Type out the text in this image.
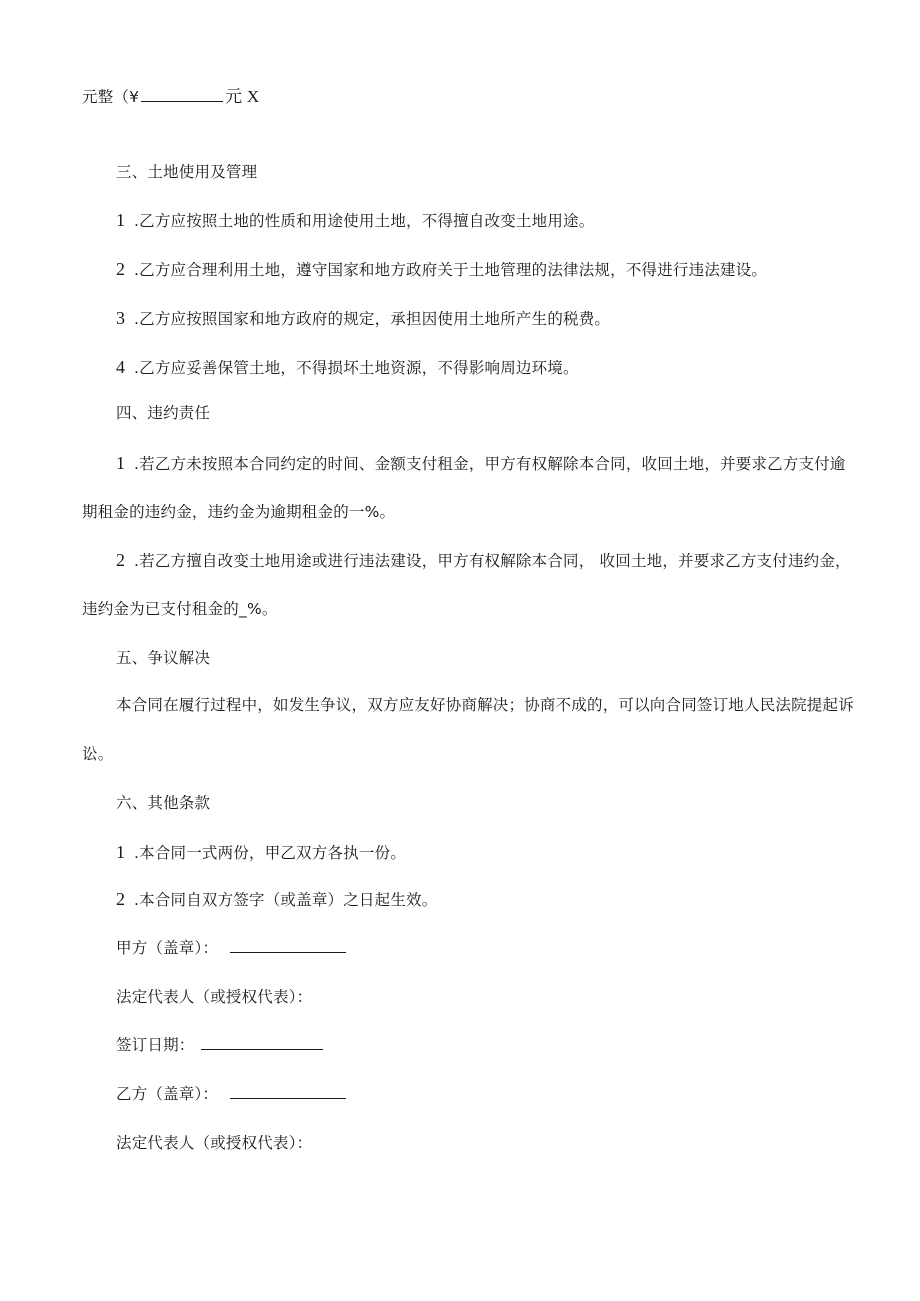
元整（¥	元 X
三、土地使用及管理
1 .乙方应按照土地的性质和用途使用土地，不得擅自改变土地用途。
2 .乙方应合理利用土地，遵守国家和地方政府关于土地管理的法律法规，不得进行违法建设。
3 .乙方应按照国家和地方政府的规定，承担因使用土地所产生的税费。
4 .乙方应妥善保管土地，不得损坏土地资源，不得影响周边环境。
四、违约责任
1 .若乙方未按照本合同约定的时间、金额支付租金，甲方有权解除本合同，收回土地，并要求乙方支付逾
期租金的违约金，违约金为逾期租金的一%。
2 .若乙方擅自改变土地用途或进行违法建设，甲方有权解除本合同， 收回土地，并要求乙方支付违约金，
违约金为已支付租金的_%。
五、争议解决
本合同在履行过程中，如发生争议，双方应友好协商解决；协商不成的，可以向合同签订地人民法院提起诉
讼。
六、其他条款
1 .本合同一式两份，甲乙双方各执一份。
2 .本合同自双方签字（或盖章）之日起生效。
甲方（盖章）：
法定代表人（或授权代表）：
签订日期：
乙方（盖章）：
法定代表人（或授权代表）：
